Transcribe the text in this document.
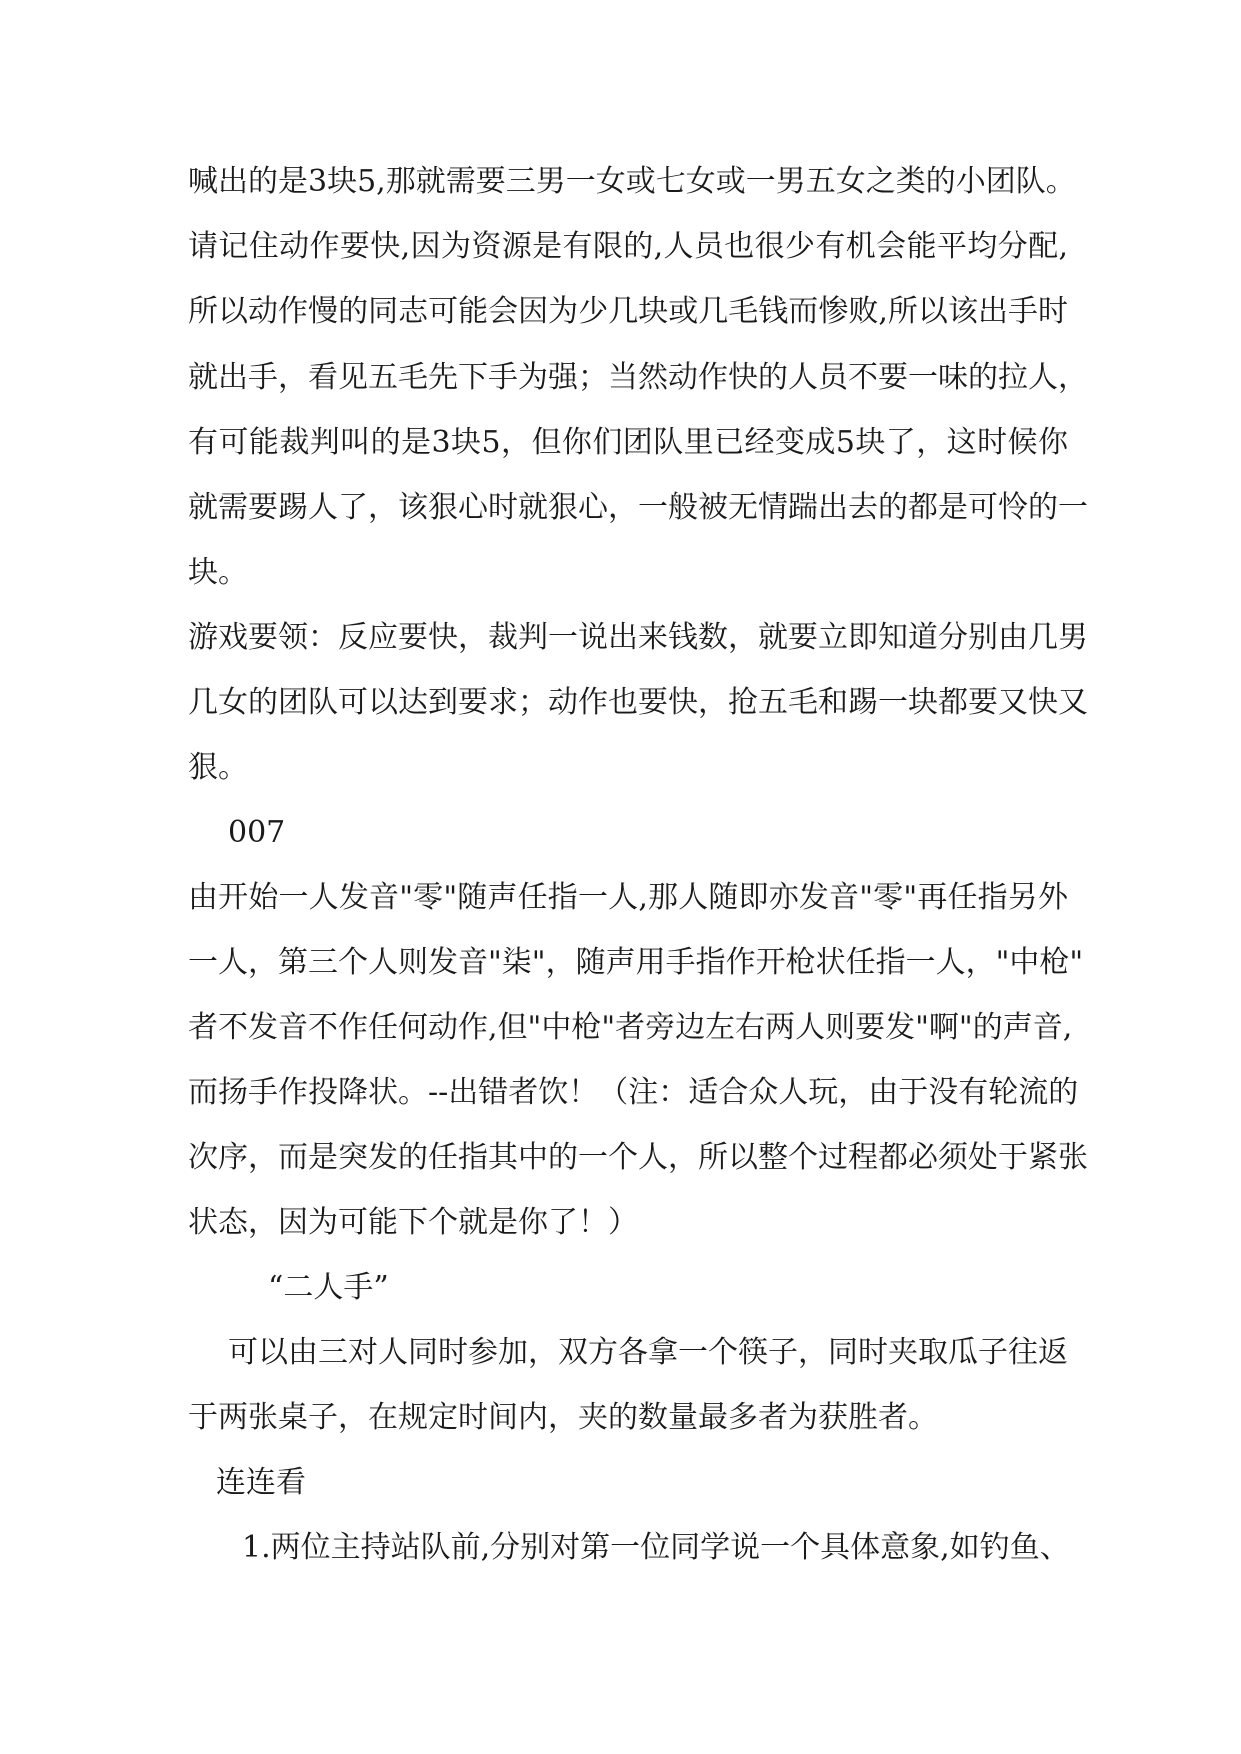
喊出的是3块5,那就需要三男一女或七女或一男五女之类的小团队。
请记住动作要快,因为资源是有限的,人员也很少有机会能平均分配,
所以动作慢的同志可能会因为少几块或几毛钱而惨败,所以该出手时
就出手，看见五毛先下手为强；当然动作快的人员不要一味的拉人，
有可能裁判叫的是3块5，但你们团队里已经变成5块了，这时候你
就需要踢人了，该狠心时就狠心，一般被无情踹出去的都是可怜的一
块。
游戏要领：反应要快，裁判一说出来钱数，就要立即知道分别由几男
几女的团队可以达到要求；动作也要快，抢五毛和踢一块都要又快又
狠。
007
由开始一人发音"零"随声任指一人,那人随即亦发音"零"再任指另外
一人，第三个人则发音"柒"，随声用手指作开枪状任指一人，"中枪"
者不发音不作任何动作,但"中枪"者旁边左右两人则要发"啊"的声音,
而扬手作投降状。--出错者饮！（注：适合众人玩，由于没有轮流的
次序，而是突发的任指其中的一个人，所以整个过程都必须处于紧张
状态，因为可能下个就是你了！）
“二人手”
可以由三对人同时参加，双方各拿一个筷子，同时夹取瓜子往返
于两张桌子，在规定时间内，夹的数量最多者为获胜者。
连连看
1.两位主持站队前,分别对第一位同学说一个具体意象,如钓鱼、
